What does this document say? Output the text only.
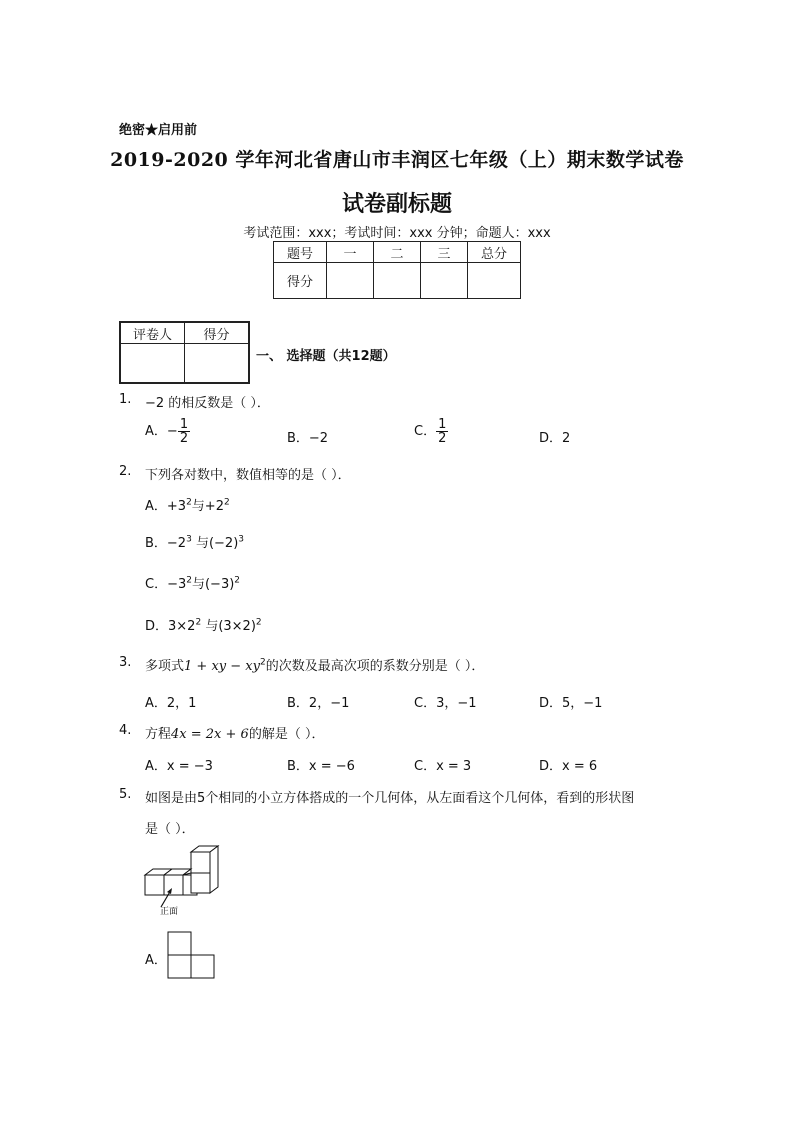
绝密★启用前
2019-2020 学年河北省唐山市丰润区七年级（上）期末数学试卷
试卷副标题
考试范围：xxx；考试时间：xxx 分钟；命题人：xxx
题号	一	二	三	总分
得分				
评卷人	得分

一、 选择题（共12题）
1. −2 的相反数是（ ）．
A．− $\frac{1}{2}$	B．−2	C． $\frac{1}{2}$	D．2
2. 下列各对数中，数值相等的是（ ）．
A．$+3^2$与$+2^2$
B．$-2^3$ 与$(-2)^3$
C．$-3^2$与$(-3)^2$
D．$3\times 2^2$ 与$(3\times 2)^2$
3. 多项式1 + xy − $xy^2$的次数及最高次项的系数分别是（ ）．
A．2，1	B．2，−1	C．3，−1	D．5，−1
4. 方程4x = 2x + 6的解是（ ）．
A．x = −3	B．x = −6	C．x = 3	D．x = 6
5. 如图是由5个相同的小立方体搭成的一个几何体，从左面看这个几何体，看到的形状图
是（ ）．
正面
A．
